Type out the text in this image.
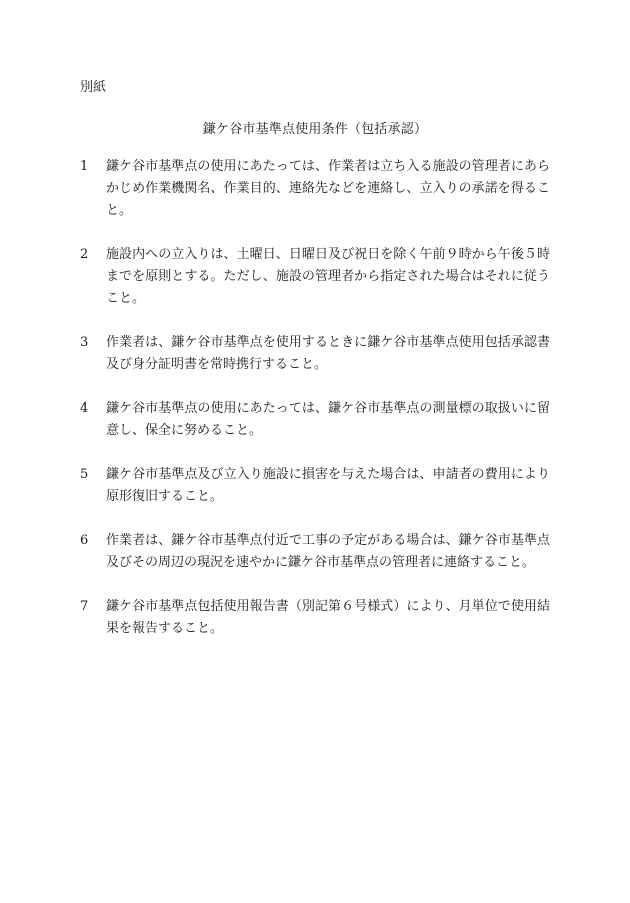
別紙
鎌ケ谷市基準点使用条件（包括承認）
1	鎌ケ谷市基準点の使用にあたっては、作業者は立ち入る施設の管理者にあらかじめ作業機関名、作業目的、連絡先などを連絡し、立入りの承諾を得ること。
2	施設内への立入りは、土曜日、日曜日及び祝日を除く午前９時から午後５時までを原則とする。ただし、施設の管理者から指定された場合はそれに従うこと。
3	作業者は、鎌ケ谷市基準点を使用するときに鎌ケ谷市基準点使用包括承認書及び身分証明書を常時携行すること。
4	鎌ケ谷市基準点の使用にあたっては、鎌ケ谷市基準点の測量標の取扱いに留意し、保全に努めること。
5	鎌ケ谷市基準点及び立入り施設に損害を与えた場合は、申請者の費用により原形復旧すること。
6	作業者は、鎌ケ谷市基準点付近で工事の予定がある場合は、鎌ケ谷市基準点及びその周辺の現況を速やかに鎌ケ谷市基準点の管理者に連絡すること。
7	鎌ケ谷市基準点包括使用報告書（別記第６号様式）により、月単位で使用結果を報告すること。
